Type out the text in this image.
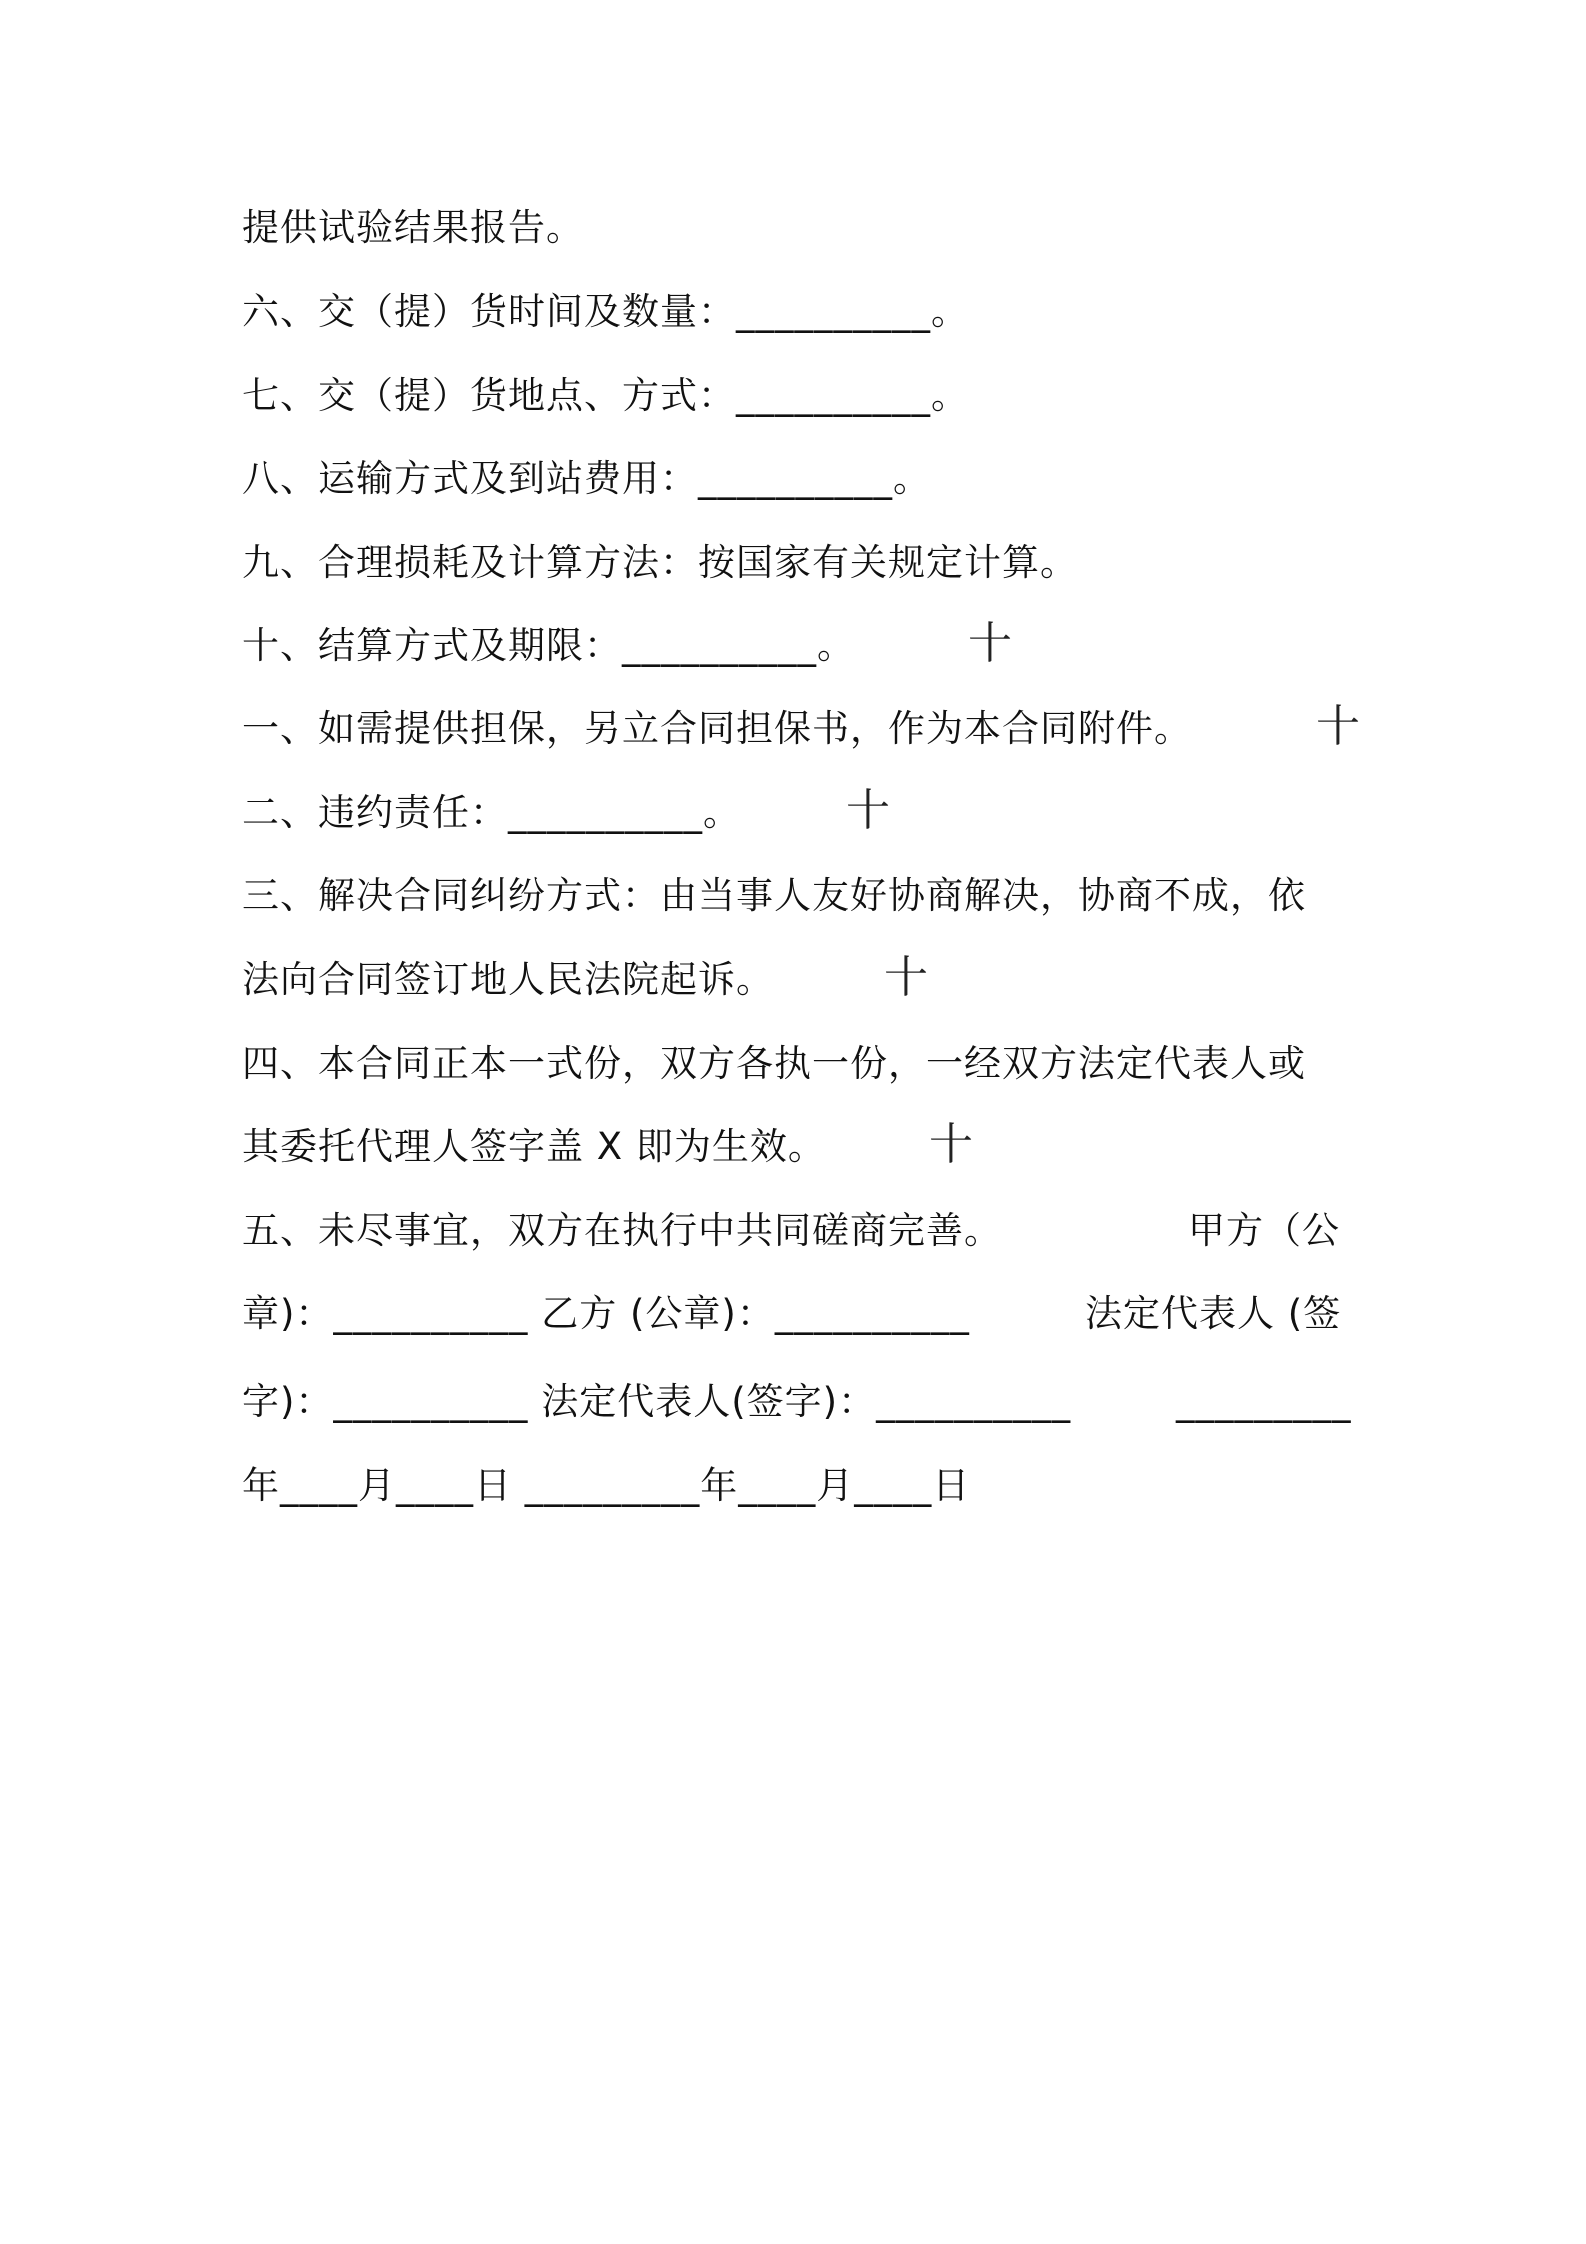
提供试验结果报告。
六、交（提）货时间及数量：__________。
七、交（提）货地点、方式：__________。
八、运输方式及到站费用：__________。
九、合理损耗及计算方法：按国家有关规定计算。
十、结算方式及期限：__________。	十
一、如需提供担保，另立合同担保书，作为本合同附件。	十
二、违约责任：__________。	十
三、解决合同纠纷方式：由当事人友好协商解决，协商不成，依
法向合同签订地人民法院起诉。	十
四、本合同正本一式份，双方各执一份，一经双方法定代表人或
其委托代理人签字盖 X 即为生效。	十
五、未尽事宜，双方在执行中共同磋商完善。	甲方（公
章)：__________ 乙方 (公章)：__________	法定代表人 (签
字)：__________ 法定代表人(签字)：__________	_________
年____月____日 _________年____月____日
